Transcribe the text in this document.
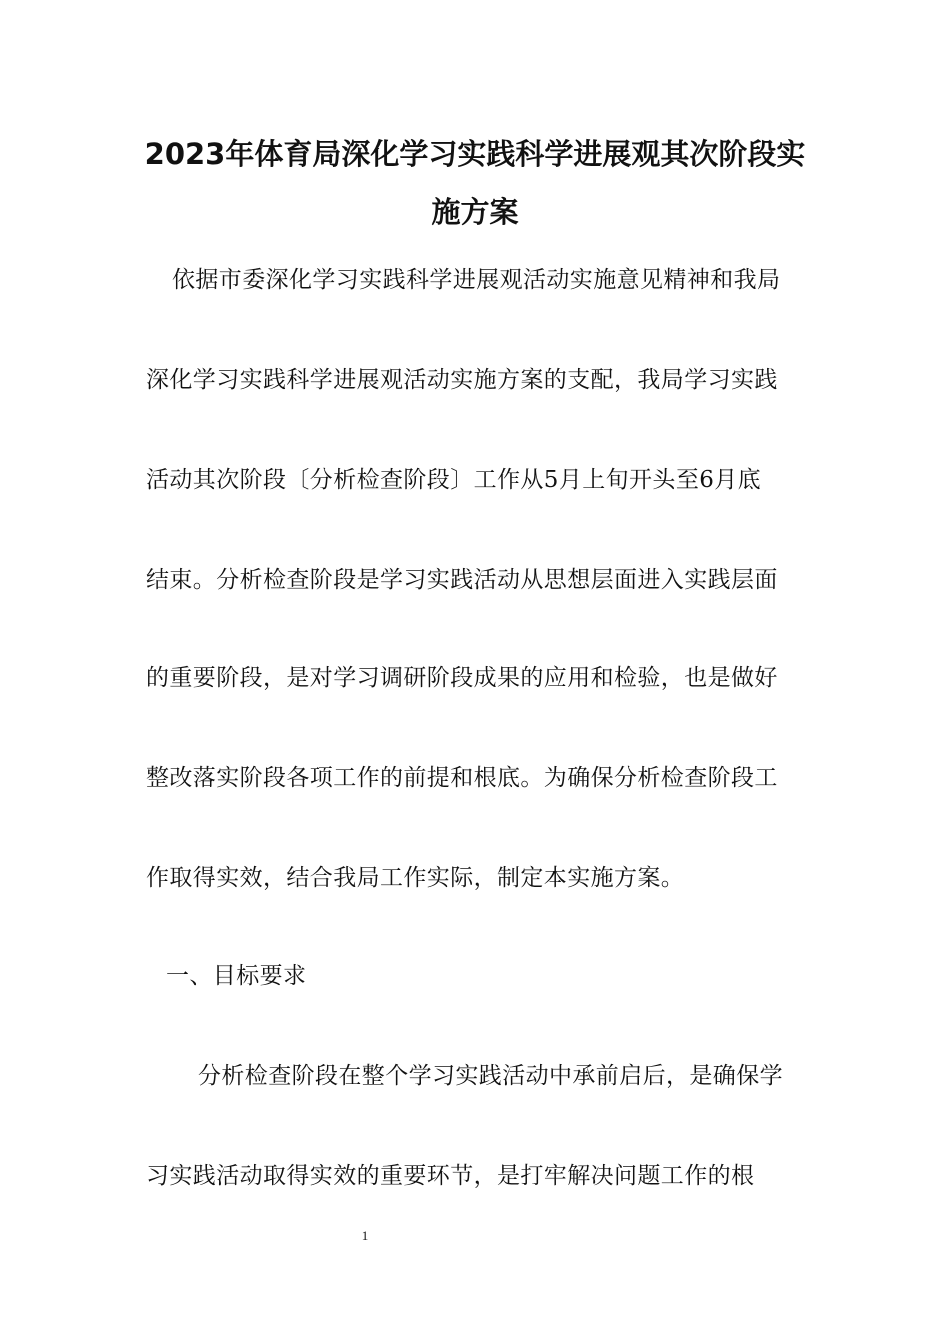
2023年体育局深化学习实践科学进展观其次阶段实
施方案
依据市委深化学习实践科学进展观活动实施意见精神和我局
深化学习实践科学进展观活动实施方案的支配，我局学习实践
活动其次阶段〔分析检查阶段〕工作从5月上旬开头至6月底
结束。分析检查阶段是学习实践活动从思想层面进入实践层面
的重要阶段，是对学习调研阶段成果的应用和检验，也是做好
整改落实阶段各项工作的前提和根底。为确保分析检查阶段工
作取得实效，结合我局工作实际，制定本实施方案。
一、目标要求
分析检查阶段在整个学习实践活动中承前启后，是确保学
习实践活动取得实效的重要环节，是打牢解决问题工作的根
1
